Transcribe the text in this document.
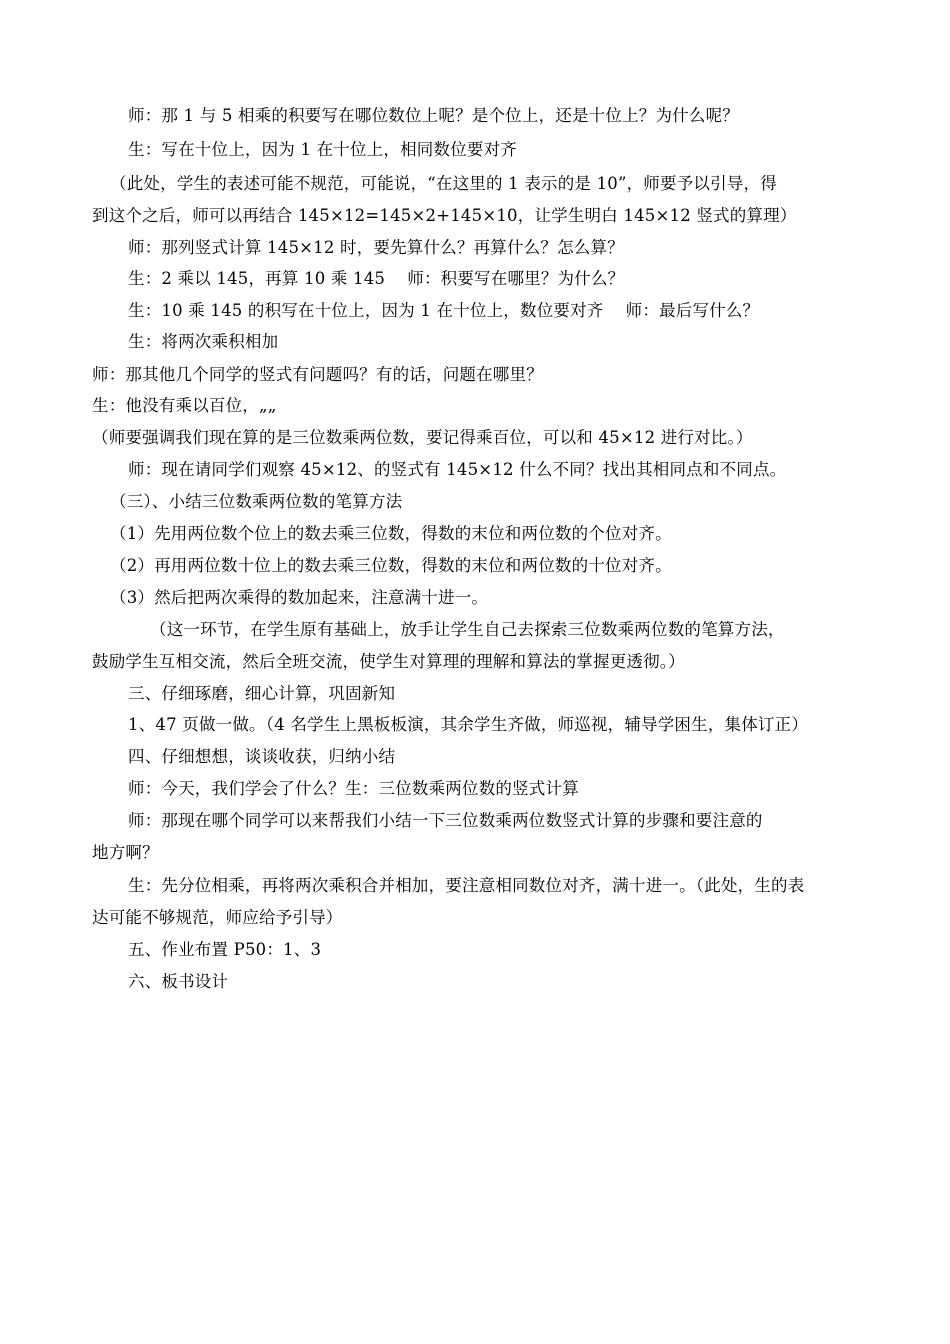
师：那 1 与 5 相乘的积要写在哪位数位上呢？是个位上，还是十位上？为什么呢？
生：写在十位上，因为 1 在十位上，相同数位要对齐
（此处，学生的表述可能不规范，可能说，“在这里的 1 表示的是 10”，师要予以引导，得
到这个之后，师可以再结合 145×12=145×2+145×10，让学生明白 145×12 竖式的算理）
师：那列竖式计算 145×12 时，要先算什么？再算什么？怎么算？
生：2 乘以 145，再算 10 乘 145　 师：积要写在哪里？为什么？
生：10 乘 145 的积写在十位上，因为 1 在十位上，数位要对齐　 师：最后写什么？
生：将两次乘积相加
师：那其他几个同学的竖式有问题吗？有的话，问题在哪里？
生：他没有乘以百位，„„
（师要强调我们现在算的是三位数乘两位数，要记得乘百位，可以和 45×12 进行对比。）
师：现在请同学们观察 45×12、的竖式有 145×12 什么不同？找出其相同点和不同点。
（三）、小结三位数乘两位数的笔算方法
（1）先用两位数个位上的数去乘三位数，得数的末位和两位数的个位对齐。
（2）再用两位数十位上的数去乘三位数，得数的末位和两位数的十位对齐。
（3）然后把两次乘得的数加起来，注意满十进一。
（这一环节，在学生原有基础上，放手让学生自己去探索三位数乘两位数的笔算方法，
鼓励学生互相交流，然后全班交流，使学生对算理的理解和算法的掌握更透彻。）
三、仔细琢磨，细心计算，巩固新知
1、47 页做一做。（4 名学生上黑板板演，其余学生齐做，师巡视，辅导学困生，集体订正）
四、仔细想想，谈谈收获，归纳小结
师：今天，我们学会了什么？生：三位数乘两位数的竖式计算
师：那现在哪个同学可以来帮我们小结一下三位数乘两位数竖式计算的步骤和要注意的
地方啊？
生：先分位相乘，再将两次乘积合并相加，要注意相同数位对齐，满十进一。（此处，生的表
达可能不够规范，师应给予引导）
五、作业布置 P50：1、3
六、板书设计
